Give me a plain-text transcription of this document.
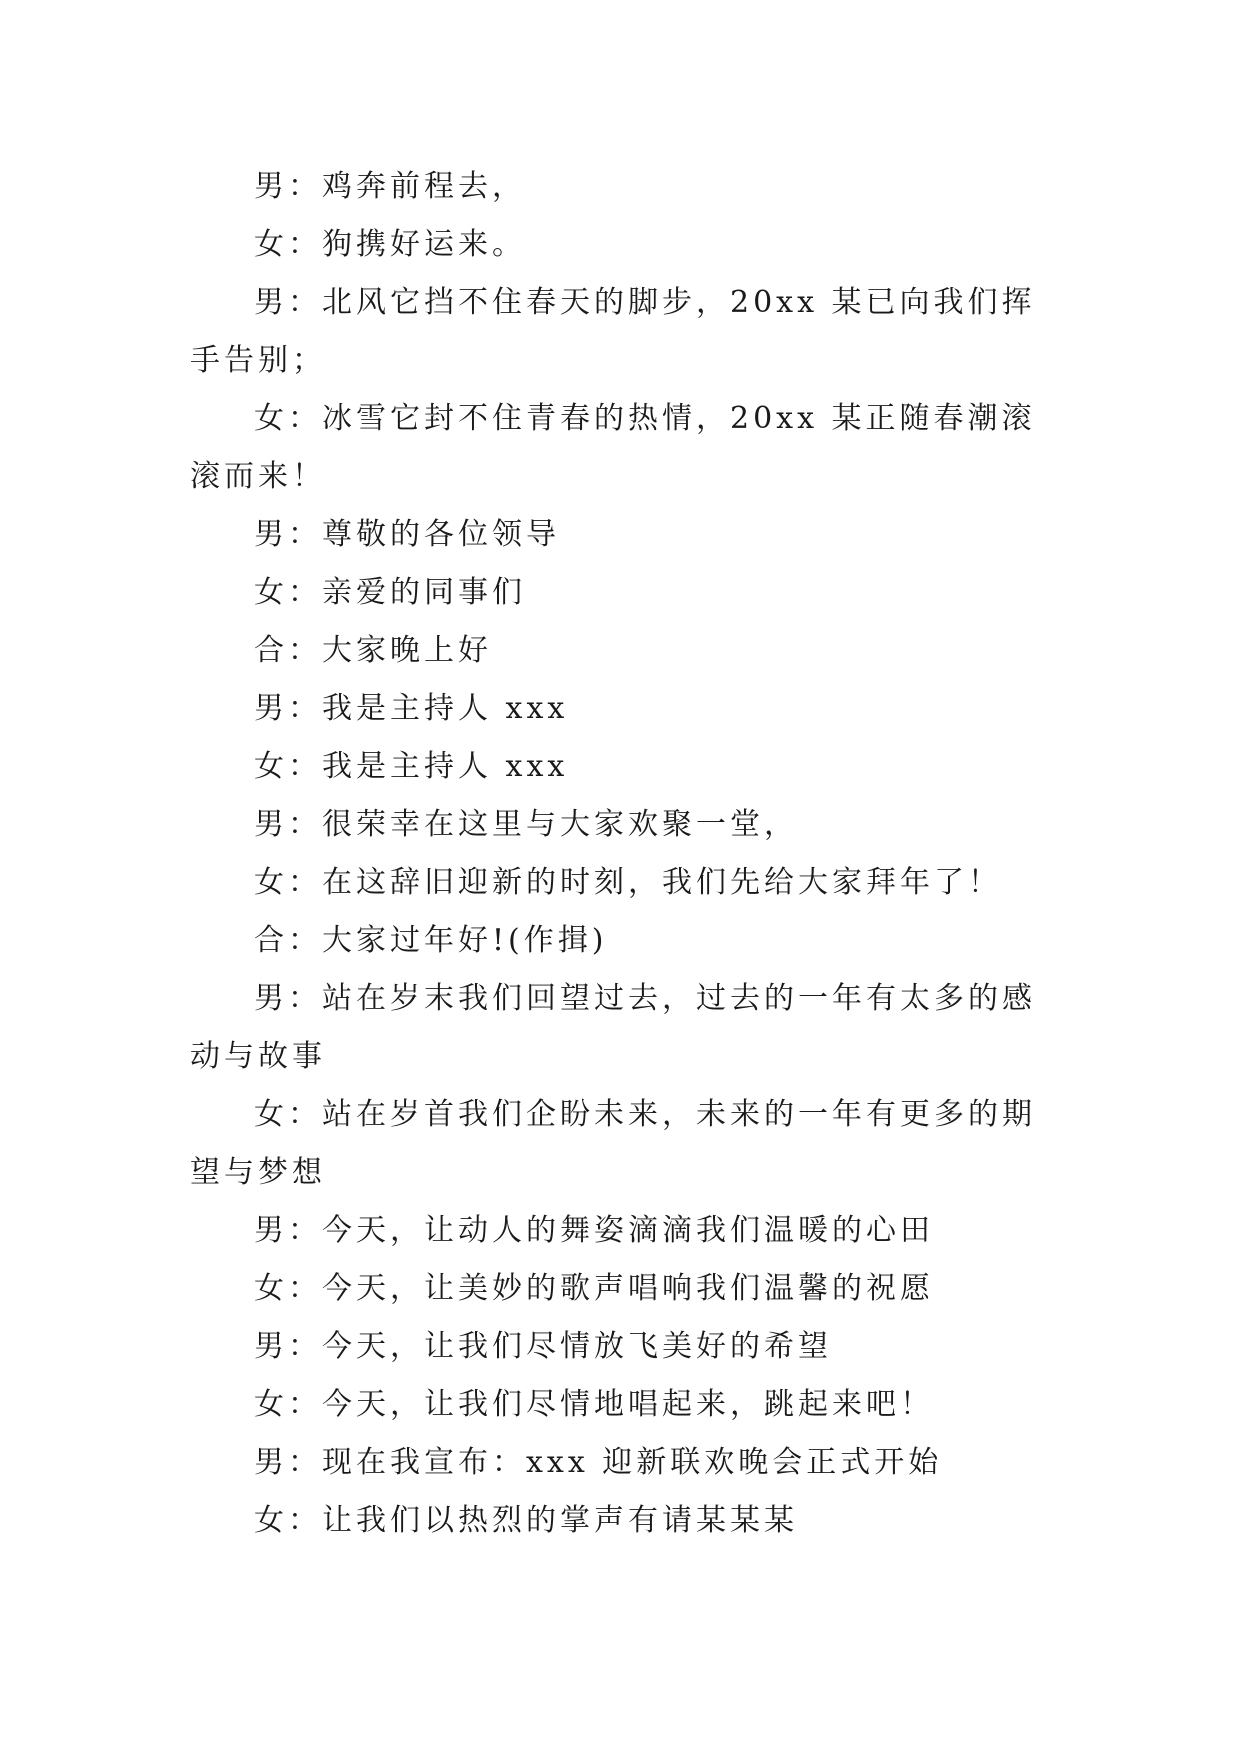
男：鸡奔前程去，

女：狗携好运来。

男：北风它挡不住春天的脚步，20xx 某已向我们挥手告别；

女：冰雪它封不住青春的热情，20xx 某正随春潮滚滚而来！

男：尊敬的各位领导

女：亲爱的同事们

合：大家晚上好

男：我是主持人 xxx

女：我是主持人 xxx

男：很荣幸在这里与大家欢聚一堂，

女：在这辞旧迎新的时刻，我们先给大家拜年了！

合：大家过年好!(作揖)

男：站在岁末我们回望过去，过去的一年有太多的感动与故事

女：站在岁首我们企盼未来，未来的一年有更多的期望与梦想

男：今天，让动人的舞姿滴滴我们温暖的心田

女：今天，让美妙的歌声唱响我们温馨的祝愿

男：今天，让我们尽情放飞美好的希望

女：今天，让我们尽情地唱起来，跳起来吧！

男：现在我宣布：xxx 迎新联欢晚会正式开始

女：让我们以热烈的掌声有请某某某
